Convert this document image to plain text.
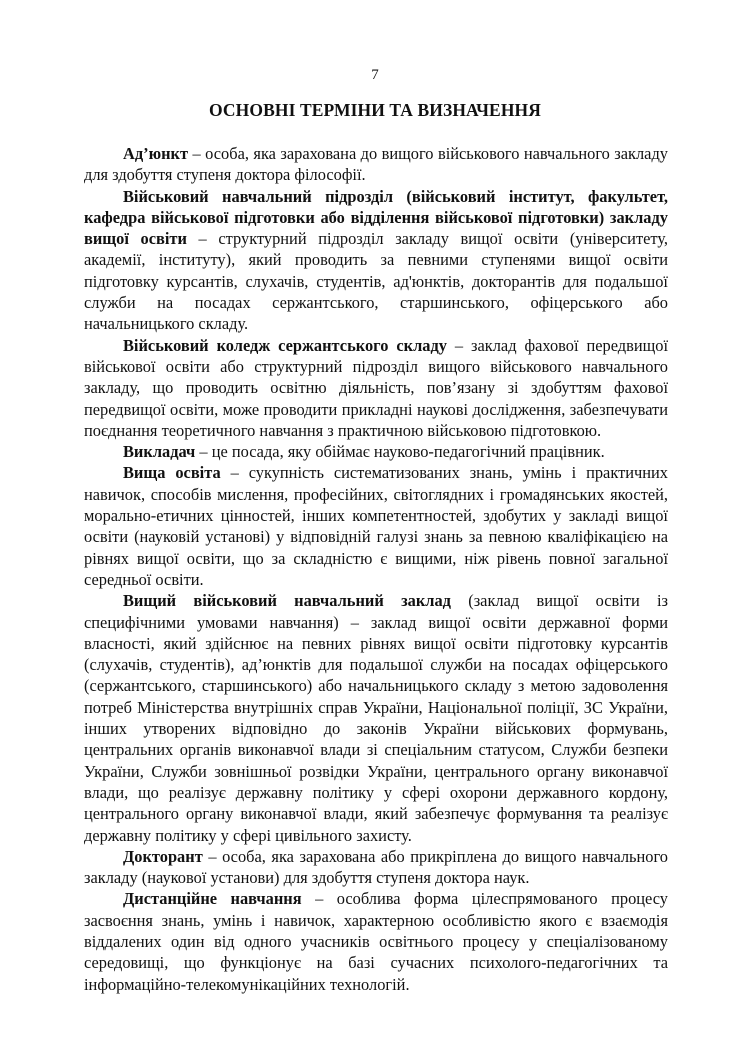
7
ОСНОВНІ ТЕРМІНИ ТА ВИЗНАЧЕННЯ

Ад’юнкт – особа, яка зарахована до вищого військового навчального закладу для здобуття ступеня доктора філософії.

Військовий навчальний підрозділ (військовий інститут, факультет, кафедра військової підготовки або відділення військової підготовки) закладу вищої освіти – структурний підрозділ закладу вищої освіти (університету, академії, інституту), який проводить за певними ступенями вищої освіти підготовку курсантів, слухачів, студентів, ад'юнктів, докторантів для подальшої служби на посадах сержантського, старшинського, офіцерського або начальницького складу.

Військовий коледж сержантського складу – заклад фахової передвищої військової освіти або структурний підрозділ вищого військового навчального закладу, що проводить освітню діяльність, пов’язану зі здобуттям фахової передвищої освіти, може проводити прикладні наукові дослідження, забезпечувати поєднання теоретичного навчання з практичною військовою підготовкою.

Викладач – це посада, яку обіймає науково-педагогічний працівник.

Вища освіта – сукупність систематизованих знань, умінь і практичних навичок, способів мислення, професійних, світоглядних і громадянських якостей, морально-етичних цінностей, інших компетентностей, здобутих у закладі вищої освіти (науковій установі) у відповідній галузі знань за певною кваліфікацією на рівнях вищої освіти, що за складністю є вищими, ніж рівень повної загальної середньої освіти.

Вищий військовий навчальний заклад (заклад вищої освіти із специфічними умовами навчання) – заклад вищої освіти державної форми власності, який здійснює на певних рівнях вищої освіти підготовку курсантів (слухачів, студентів), ад’юнктів для подальшої служби на посадах офіцерського (сержантського, старшинського) або начальницького складу з метою задоволення потреб Міністерства внутрішніх справ України, Національної поліції, ЗС України, інших утворених відповідно до законів України військових формувань, центральних органів виконавчої влади зі спеціальним статусом, Служби безпеки України, Служби зовнішньої розвідки України, центрального органу виконавчої влади, що реалізує державну політику у сфері охорони державного кордону, центрального органу виконавчої влади, який забезпечує формування та реалізує державну політику у сфері цивільного захисту.

Докторант – особа, яка зарахована або прикріплена до вищого навчального закладу (наукової установи) для здобуття ступеня доктора наук.

Дистанційне навчання – особлива форма цілеспрямованого процесу засвоєння знань, умінь і навичок, характерною особливістю якого є взаємодія віддалених один від одного учасників освітнього процесу у спеціалізованому середовищі, що функціонує на базі сучасних психолого-педагогічних та інформаційно-телекомунікаційних технологій.
